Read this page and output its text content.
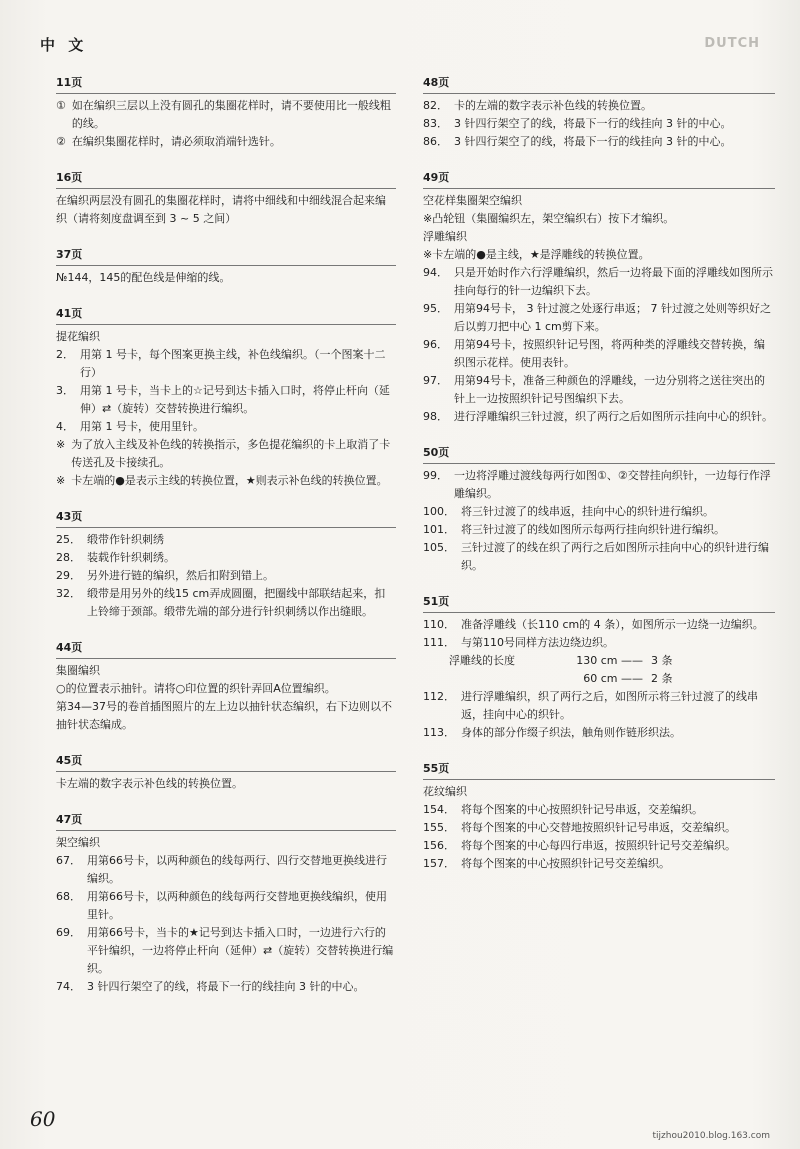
DUTCH
中 文
11页
① 如在编织三层以上没有圆孔的集圈花样时，请不要使用比一般线粗的线。
② 在编织集圈花样时，请必须取消端针选针。
16页
在编织两层没有圆孔的集圈花样时，请将中细线和中细线混合起来编织（请将刻度盘调至到 3 ~ 5 之间）
37页
№144，145的配色线是伸缩的线。
41页
提花编织
2． 用第 1 号卡，每个图案更换主线，补色线编织。（一个图案十二行）
3． 用第 1 号卡，当卡上的☆记号到达卡插入口时，将停止杆向（延伸）⇄（旋转）交替转换进行编织。
4． 用第 1 号卡，使用里针。
※ 为了放入主线及补色线的转换指示，多色提花编织的卡上取消了卡传送孔及卡接续孔。
※ 卡左端的●是表示主线的转换位置，★则表示补色线的转换位置。
43页
25． 缎带作针织刺绣
28． 装载作针织刺绣。
29． 另外进行链的编织，然后扣附到错上。
32． 缎带是用另外的线15 cm弄成圆圈，把圈线中部联结起来，扣上铃缔于颈部。缎带先端的部分进行针织刺绣以作出缝眼。
44页
集圈编织
○的位置表示抽针。请将○印位置的织针弄回A位置编织。
第34—37号的卷首插图照片的左上边以抽针状态编织，右下边则以不抽针状态编成。
45页
卡左端的数字表示补色线的转换位置。
47页
架空编织
67． 用第66号卡，以两种颜色的线每两行、四行交替地更换线进行编织。
68． 用第66号卡，以两种颜色的线每两行交替地更换线编织，使用里针。
69． 用第66号卡，当卡的★记号到达卡插入口时，一边进行六行的平针编织，一边将停止杆向（延伸）⇄（旋转）交替转换进行编织。
74． 3 针四行架空了的线，将最下一行的线挂向 3 针的中心。
48页
82． 卡的左端的数字表示补色线的转换位置。
83． 3 针四行架空了的线，将最下一行的线挂向 3 针的中心。
86． 3 针四行架空了的线，将最下一行的线挂向 3 针的中心。
49页
空花样集圈架空编织
※凸轮钮（集圈编织左，架空编织右）按下才编织。
浮雕编织
※卡左端的●是主线，★是浮雕线的转换位置。
94． 只是开始时作六行浮雕编织，然后一边将最下面的浮雕线如图所示挂向每行的针一边编织下去。
95． 用第94号卡， 3 针过渡之处逐行串返； 7 针过渡之处则等织好之后以剪刀把中心 1 cm剪下来。
96． 用第94号卡，按照织针记号图，将两种类的浮雕线交替转换，编织图示花样。使用表针。
97． 用第94号卡，准备三种颜色的浮雕线，一边分别将之送往突出的针上一边按照织针记号图编织下去。
98． 进行浮雕编织三针过渡，织了两行之后如图所示挂向中心的织针。
50页
99． 一边将浮雕过渡线每两行如图①、②交替挂向织针，一边每行作浮雕编织。
100． 将三针过渡了的线串返，挂向中心的织针进行编织。
101． 将三针过渡了的线如图所示每两行挂向织针进行编织。
105． 三针过渡了的线在织了两行之后如图所示挂向中心的织针进行编织。
51页
110． 准备浮雕线（长110 cm的 4 条），如图所示一边绕一边编织。
111． 与第110号同样方法边绕边织。
浮雕线的长度	130 cm —— 3 条
60 cm —— 2 条
112． 进行浮雕编织，织了两行之后，如图所示将三针过渡了的线串返，挂向中心的织针。
113． 身体的部分作缀子织法，触角则作链形织法。
55页
花纹编织
154． 将每个图案的中心按照织针记号串返，交差编织。
155． 将每个图案的中心交替地按照织针记号串返，交差编织。
156． 将每个图案的中心每四行串返，按照织针记号交差编织。
157． 将每个图案的中心按照织针记号交差编织。
60
tijzhou2010.blog.163.com
